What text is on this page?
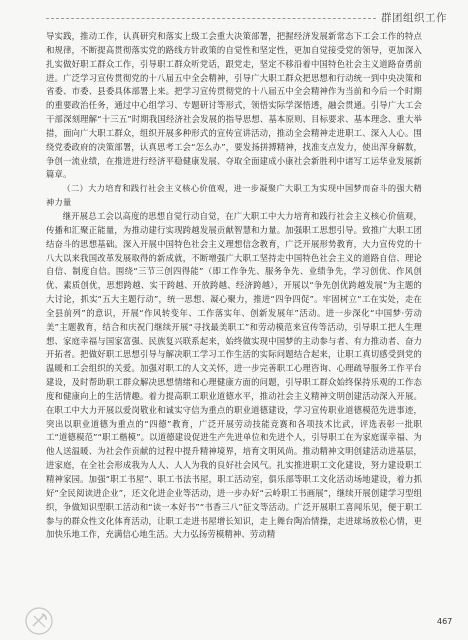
群团组织工作

导实践，推动工作，认真研究和落实上级工会重大决策部署，把握经济发展新常态下工会工作的特点和规律，不断提高贯彻落实党的路线方针政策的自觉性和坚定性，更加自觉接受党的领导，更加深入扎实做好职工群众工作，引导职工群众听党话，跟党走，坚定不移沿着中国特色社会主义道路奋勇前进。广泛学习宣传贯彻党的十八届五中全会精神，引导广大职工群众把思想和行动统一到中央决策和省委、市委、县委具体部署上来。把学习宣传贯彻党的十八届五中全会精神作为当前和今后一个时期的重要政治任务，通过中心组学习、专题研讨等形式，领悟实际学深悟透，融会贯通。引导广大工会干部深刻理解“十三五”时期我国经济社会发展的指导思想、基本原则、目标要求、基本理念、重大举措，面向广大职工群众，组织开展多种形式的宣传宣讲活动，推动全会精神走进职工、深入人心。围绕党委政府的决策部署，认真思考工会“怎么办”，要发扬拼搏精神，找准支点发力，使出浑身解数，争创一流业绩，在推进进行经济平稳健康发展、夺取全面建成小康社会新胜利中诸写工运华业发展新篇章。

（二）大力培育和践行社会主义核心价值观，进一步凝聚广大职工为实现中国梦而奋斗的强大精神力量

继开展总工会以高度的思想自觉行动自觉，在广大职工中大力培育和践行社会主义核心价值观，传播和汇聚正能量，为推动建行实现跨越发展贡献智慧和力量。加强职工思想引导。致推广大职工团结奋斗的思想基础。深入开展中国特色社会主义理想信念教育，广泛开展形势教育，大力宣传党的十八大以来我国改革发展取得的新成就，不断增强广大职工坚持走中国特色社会主义的道路自信、理论自信、制度自信。围绕“三节三创四得能”（即工作争先、服务争先、业绩争先，学习创优、作风创优、素质创优，思想跨越、实干跨越、开放跨越、经济跨越），开展以“争先创优跨越发展”为主题的大讨论，抓实“五大主题行动”，统一思想、凝心聚力，推进“四争四促”。牢固树立“工在实处，走在全县前列”的意识，开展“作风转变年、工作落实年、创新发展年”活动。进一步深化“中国梦·劳动美”主题教育，结合和庆祝门继续开展“寻找最美职工”和劳动模范来宣传等活动，引导职工把人生理想、家庭幸福与国家富强、民族复兴联系起来，始终做实现中国梦的主动参与者、有力推动者、奋力开拓者。把做好职工思想引导与解决职工学习工作生活的实际问题结合起来，让职工真切感受到党的温暖和工会组织的关爱。加强对职工的人文关怀，进一步完善职工心理咨询、心理疏导服务工作平台建设，及时帮助职工群众解决思想情绪和心理健康方面的问题，引导职工群众始终保持乐观的工作态度和健康向上的生活情趣。着力提高职工职业道德水平，推动社会主义精神文明创建活动深入开展。在职工中大力开展以爱岗敬业和诚实守信为重点的职业道德建设，学习宣传职业道德模范先进事迹，突出以职业道德为重点的“四德”教育，广泛开展劳动技能竞赛和各项技术比武，评选表彰一批职工“道德模范”“职工楷模”。以道德建设促进生产先进单位和先进个人，引导职工在为家庭谋幸福、为他人送温暖、为社会作贡献的过程中提升精神境界，培育文明风尚。推动精神文明创建活动进基层，进家庭，在全社会形成我为人人、人人为我的良好社会风气。扎实推进职工文化建设，努力建设职工精神家园。加强“职工书屋”、职工书法书屋，职工活动室，俱乐部等职工文化活动场地建设，着力抓好“全民阅读进企业”，还文化进企业等活动，进一步办好“云岭职工书画展”，继续开展创建学习型组织，争做知识型职工活动和“读一本好书”“书香三八”征文等活动。广泛开展职工喜闻乐见，便于职工参与的群众性文化体育活动，让职工走进书屋增长知识，走上舞台陶冶情操，走进球场放松心情，更加快乐地工作，充满信心地生活。大力弘扬劳模精神、劳动精

467
